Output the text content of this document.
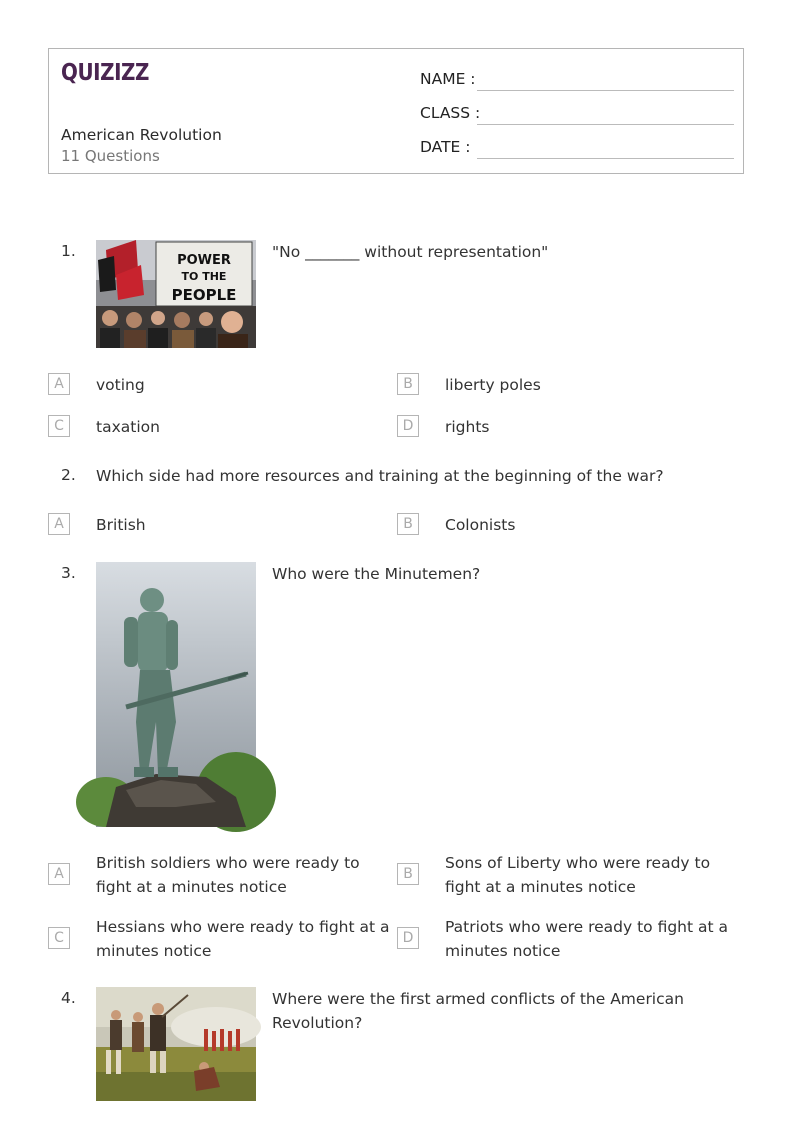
QUIZIZZ
American Revolution
11 Questions
NAME :
CLASS :
DATE :
1.
POWER
TO THE
PEOPLE
"No _______ without representation"
A	voting	B	liberty poles
C	taxation	D	rights
2. Which side had more resources and training at the beginning of the war?
A	British	B	Colonists
3.	Who were the Minutemen?
A
British soldiers who were ready to fight at a minutes notice
B
Sons of Liberty who were ready to fight at a minutes notice
C
Hessians who were ready to fight at a minutes notice
D
Patriots who were ready to fight at a minutes notice
4.	Where were the first armed conflicts of the American Revolution?
